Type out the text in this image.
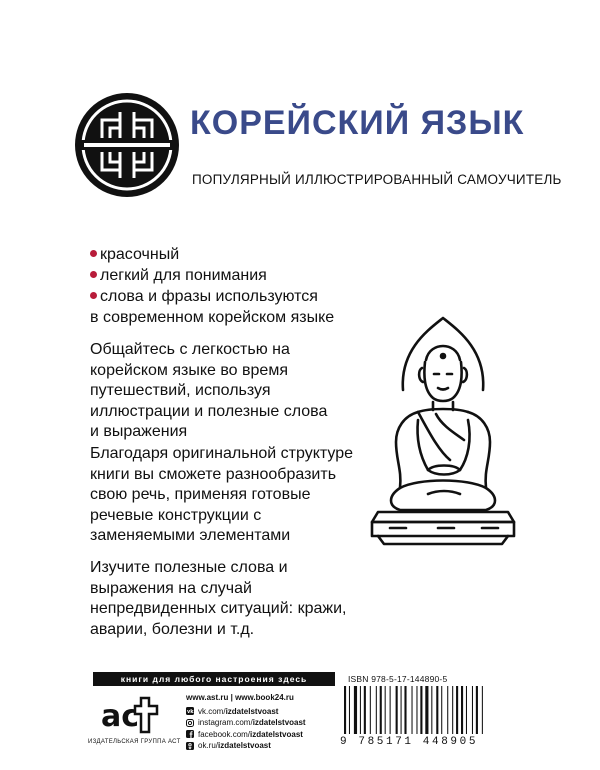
КОРЕЙСКИЙ ЯЗЫК
ПОПУЛЯРНЫЙ ИЛЛЮСТРИРОВАННЫЙ САМОУЧИТЕЛЬ
красочный
легкий для понимания
слова и фразы используются
в современном корейском языке
Общайтесь с легкостью на
корейском языке во время
путешествий, используя
иллюстрации и полезные слова
и выражения
Благодаря оригинальной структуре
книги вы сможете разнообразить
свою речь, применяя готовые
речевые конструкции с
заменяемыми элементами
Изучите полезные слова и
выражения на случай
непредвиденных ситуаций: кражи,
аварии, болезни и т.д.
книги для любого настроения здесь
ac
ИЗДАТЕЛЬСКАЯ ГРУППА АСТ
www.ast.ru | www.book24.ru
vk vk.com/ izdatelstvoast
instagram.com/ izdatelstvoast
facebook.com/ izdatelstvoast
ok.ru/ izdatelstvoast
ISBN 978-5-17-144890-5
9 785171 448905
